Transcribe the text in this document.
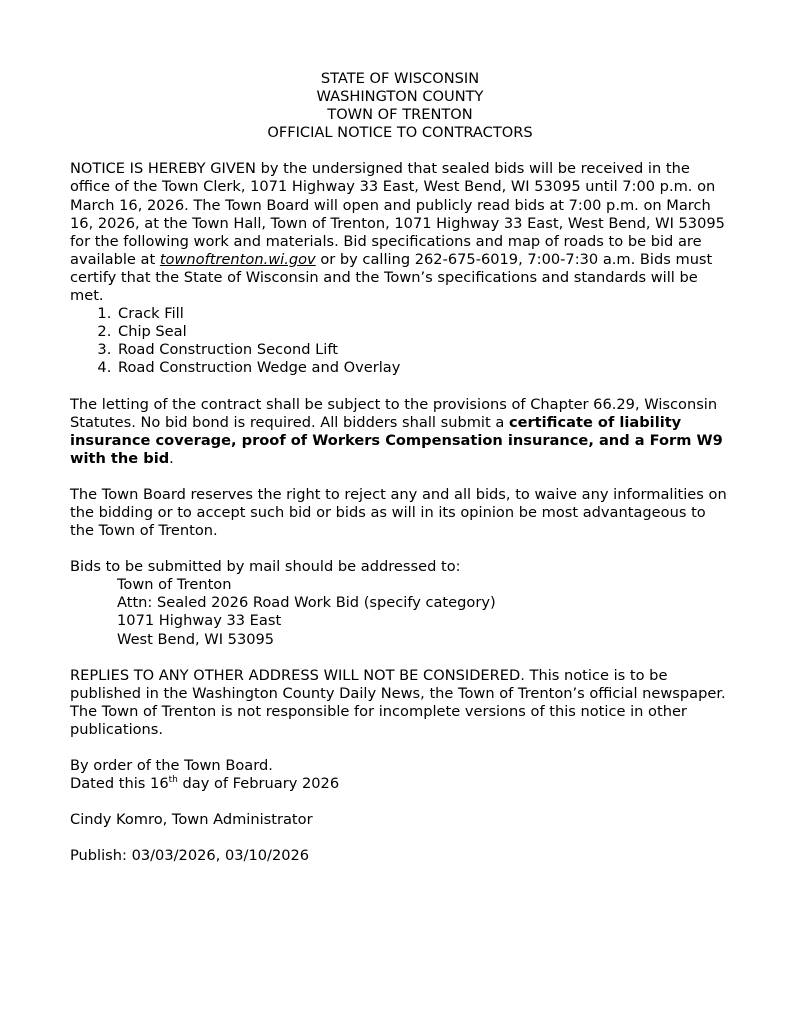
STATE OF WISCONSIN
WASHINGTON COUNTY
TOWN OF TRENTON
OFFICIAL NOTICE TO CONTRACTORS

NOTICE IS HEREBY GIVEN by the undersigned that sealed bids will be received in the office of the Town Clerk, 1071 Highway 33 East, West Bend, WI 53095 until 7:00 p.m. on March 16, 2026. The Town Board will open and publicly read bids at 7:00 p.m. on March 16, 2026, at the Town Hall, Town of Trenton, 1071 Highway 33 East, West Bend, WI 53095 for the following work and materials. Bid specifications and map of roads to be bid are available at townoftrenton.wi.gov or by calling 262-675-6019, 7:00-7:30 a.m. Bids must certify that the State of Wisconsin and the Town’s specifications and standards will be met.

1. Crack Fill
2. Chip Seal
3. Road Construction Second Lift
4. Road Construction Wedge and Overlay

The letting of the contract shall be subject to the provisions of Chapter 66.29, Wisconsin Statutes. No bid bond is required. All bidders shall submit a certificate of liability insurance coverage, proof of Workers Compensation insurance, and a Form W9 with the bid.

The Town Board reserves the right to reject any and all bids, to waive any informalities on the bidding or to accept such bid or bids as will in its opinion be most advantageous to the Town of Trenton.

Bids to be submitted by mail should be addressed to:
Town of Trenton
Attn: Sealed 2026 Road Work Bid (specify category)
1071 Highway 33 East
West Bend, WI 53095

REPLIES TO ANY OTHER ADDRESS WILL NOT BE CONSIDERED. This notice is to be published in the Washington County Daily News, the Town of Trenton’s official newspaper. The Town of Trenton is not responsible for incomplete versions of this notice in other publications.

By order of the Town Board.

Dated this 16th day of February 2026

Cindy Komro, Town Administrator

Publish: 03/03/2026, 03/10/2026
